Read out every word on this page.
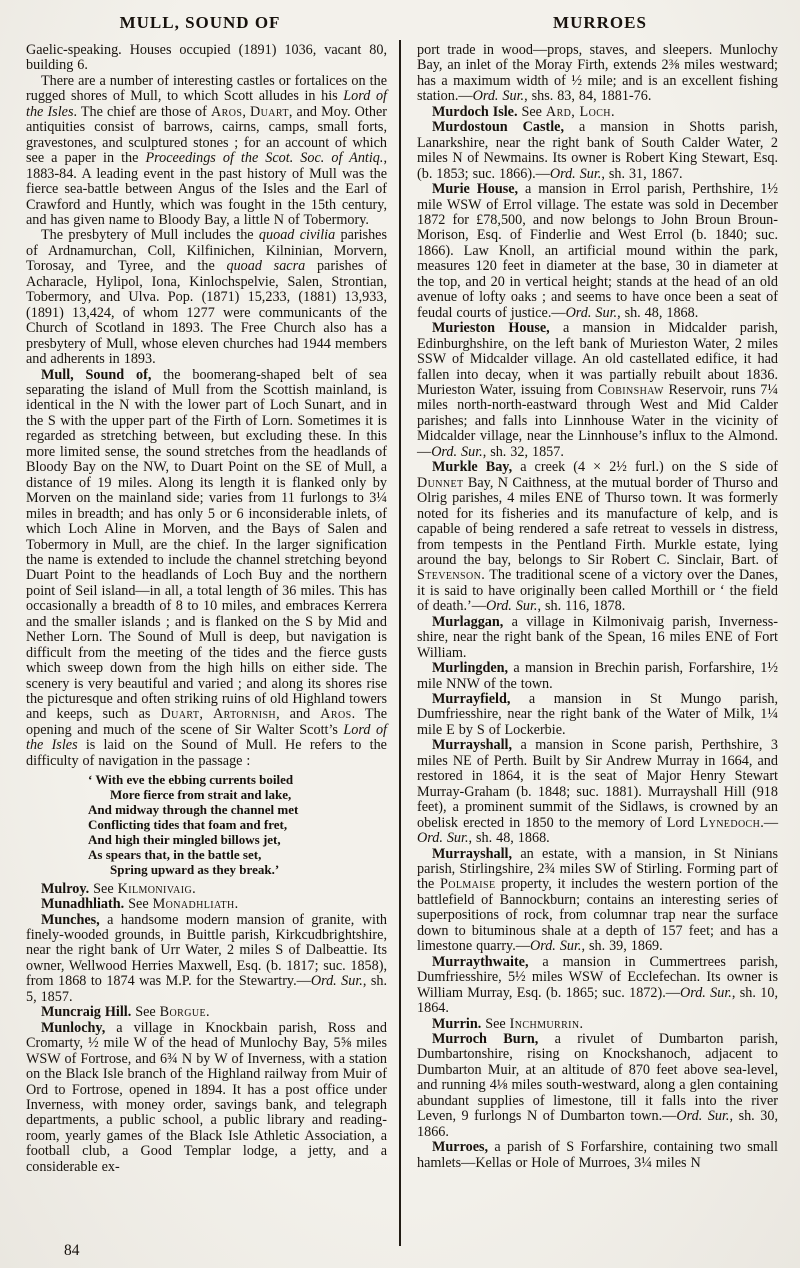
MULL, SOUND OF	MURROES

Gaelic-speaking. Houses occupied (1891) 1036, vacant 80, building 6.

There are a number of interesting castles or fortalices on the rugged shores of Mull, to which Scott alludes in his Lord of the Isles. The chief are those of Aros, Duart, and Moy. Other antiquities consist of barrows, cairns, camps, small forts, gravestones, and sculptured stones ; for an account of which see a paper in the Proceedings of the Scot. Soc. of Antiq., 1883-84. A leading event in the past history of Mull was the fierce sea-battle between Angus of the Isles and the Earl of Crawford and Huntly, which was fought in the 15th century, and has given name to Bloody Bay, a little N of Tobermory.

The presbytery of Mull includes the quoad civilia parishes of Ardnamurchan, Coll, Kilfinichen, Kilninian, Morvern, Torosay, and Tyree, and the quoad sacra parishes of Acharacle, Hylipol, Iona, Kinlochspelvie, Salen, Strontian, Tobermory, and Ulva. Pop. (1871) 15,233, (1881) 13,933, (1891) 13,424, of whom 1277 were communicants of the Church of Scotland in 1893. The Free Church also has a presbytery of Mull, whose eleven churches had 1944 members and adherents in 1893.

Mull, Sound of, the boomerang-shaped belt of sea separating the island of Mull from the Scottish mainland, is identical in the N with the lower part of Loch Sunart, and in the S with the upper part of the Firth of Lorn. Sometimes it is regarded as stretching between, but excluding these. In this more limited sense, the sound stretches from the headlands of Bloody Bay on the NW, to Duart Point on the SE of Mull, a distance of 19 miles. Along its length it is flanked only by Morven on the mainland side; varies from 11 furlongs to 3¼ miles in breadth; and has only 5 or 6 inconsiderable inlets, of which Loch Aline in Morven, and the Bays of Salen and Tobermory in Mull, are the chief. In the larger signification the name is extended to include the channel stretching beyond Duart Point to the headlands of Loch Buy and the northern point of Seil island—in all, a total length of 36 miles. This has occasionally a breadth of 8 to 10 miles, and embraces Kerrera and the smaller islands ; and is flanked on the S by Mid and Nether Lorn. The Sound of Mull is deep, but navigation is difficult from the meeting of the tides and the fierce gusts which sweep down from the high hills on either side. The scenery is very beautiful and varied ; and along its shores rise the picturesque and often striking ruins of old Highland towers and keeps, such as Duart, Artornish, and Aros. The opening and much of the scene of Sir Walter Scott’s Lord of the Isles is laid on the Sound of Mull. He refers to the difficulty of navigation in the passage :

‘ With eve the ebbing currents boiled
More fierce from strait and lake,
And midway through the channel met
Conflicting tides that foam and fret,
And high their mingled billows jet,
As spears that, in the battle set,
Spring upward as they break.’

Mulroy. See Kilmonivaig.

Munadhliath. See Monadhliath.

Munches, a handsome modern mansion of granite, with finely-wooded grounds, in Buittle parish, Kirkcudbrightshire, near the right bank of Urr Water, 2 miles S of Dalbeattie. Its owner, Wellwood Herries Maxwell, Esq. (b. 1817; suc. 1858), from 1868 to 1874 was M.P. for the Stewartry.—Ord. Sur., sh. 5, 1857.

Muncraig Hill. See Borgue.

Munlochy, a village in Knockbain parish, Ross and Cromarty, ½ mile W of the head of Munlochy Bay, 5⅝ miles WSW of Fortrose, and 6¾ N by W of Inverness, with a station on the Black Isle branch of the Highland railway from Muir of Ord to Fortrose, opened in 1894. It has a post office under Inverness, with money order, savings bank, and telegraph departments, a public school, a public library and reading-room, yearly games of the Black Isle Athletic Association, a football club, a Good Templar lodge, a jetty, and a considerable ex-

port trade in wood—props, staves, and sleepers. Munlochy Bay, an inlet of the Moray Firth, extends 2⅜ miles westward; has a maximum width of ½ mile; and is an excellent fishing station.—Ord. Sur., shs. 83, 84, 1881-76.

Murdoch Isle. See Ard, Loch.

Murdostoun Castle, a mansion in Shotts parish, Lanarkshire, near the right bank of South Calder Water, 2 miles N of Newmains. Its owner is Robert King Stewart, Esq. (b. 1853; suc. 1866).—Ord. Sur., sh. 31, 1867.

Murie House, a mansion in Errol parish, Perthshire, 1½ mile WSW of Errol village. The estate was sold in December 1872 for £78,500, and now belongs to John Broun Broun-Morison, Esq. of Finderlie and West Errol (b. 1840; suc. 1866). Law Knoll, an artificial mound within the park, measures 120 feet in diameter at the base, 30 in diameter at the top, and 20 in vertical height; stands at the head of an old avenue of lofty oaks ; and seems to have once been a seat of feudal courts of justice.—Ord. Sur., sh. 48, 1868.

Murieston House, a mansion in Midcalder parish, Edinburghshire, on the left bank of Murieston Water, 2 miles SSW of Midcalder village. An old castellated edifice, it had fallen into decay, when it was partially rebuilt about 1836. Murieston Water, issuing from Cobinshaw Reservoir, runs 7¼ miles north-north-eastward through West and Mid Calder parishes; and falls into Linnhouse Water in the vicinity of Midcalder village, near the Linnhouse’s influx to the Almond.—Ord. Sur., sh. 32, 1857.

Murkle Bay, a creek (4 × 2½ furl.) on the S side of Dunnet Bay, N Caithness, at the mutual border of Thurso and Olrig parishes, 4 miles ENE of Thurso town. It was formerly noted for its fisheries and its manufacture of kelp, and is capable of being rendered a safe retreat to vessels in distress, from tempests in the Pentland Firth. Murkle estate, lying around the bay, belongs to Sir Robert C. Sinclair, Bart. of Stevenson. The traditional scene of a victory over the Danes, it is said to have originally been called Morthill or ‘ the field of death.’—Ord. Sur., sh. 116, 1878.

Murlaggan, a village in Kilmonivaig parish, Inverness-shire, near the right bank of the Spean, 16 miles ENE of Fort William.

Murlingden, a mansion in Brechin parish, Forfarshire, 1½ mile NNW of the town.

Murrayfield, a mansion in St Mungo parish, Dumfriesshire, near the right bank of the Water of Milk, 1¼ mile E by S of Lockerbie.

Murrayshall, a mansion in Scone parish, Perthshire, 3 miles NE of Perth. Built by Sir Andrew Murray in 1664, and restored in 1864, it is the seat of Major Henry Stewart Murray-Graham (b. 1848; suc. 1881). Murrayshall Hill (918 feet), a prominent summit of the Sidlaws, is crowned by an obelisk erected in 1850 to the memory of Lord Lynedoch.—Ord. Sur., sh. 48, 1868.

Murrayshall, an estate, with a mansion, in St Ninians parish, Stirlingshire, 2¾ miles SW of Stirling. Forming part of the Polmaise property, it includes the western portion of the battlefield of Bannockburn; contains an interesting series of superpositions of rock, from columnar trap near the surface down to bituminous shale at a depth of 157 feet; and has a limestone quarry.—Ord. Sur., sh. 39, 1869.

Murraythwaite, a mansion in Cummertrees parish, Dumfriesshire, 5½ miles WSW of Ecclefechan. Its owner is William Murray, Esq. (b. 1865; suc. 1872).—Ord. Sur., sh. 10, 1864.

Murrin. See Inchmurrin.

Murroch Burn, a rivulet of Dumbarton parish, Dumbartonshire, rising on Knockshanoch, adjacent to Dumbarton Muir, at an altitude of 870 feet above sea-level, and running 4⅛ miles south-westward, along a glen containing abundant supplies of limestone, till it falls into the river Leven, 9 furlongs N of Dumbarton town.—Ord. Sur., sh. 30, 1866.

Murroes, a parish of S Forfarshire, containing two small hamlets—Kellas or Hole of Murroes, 3¼ miles N

84
